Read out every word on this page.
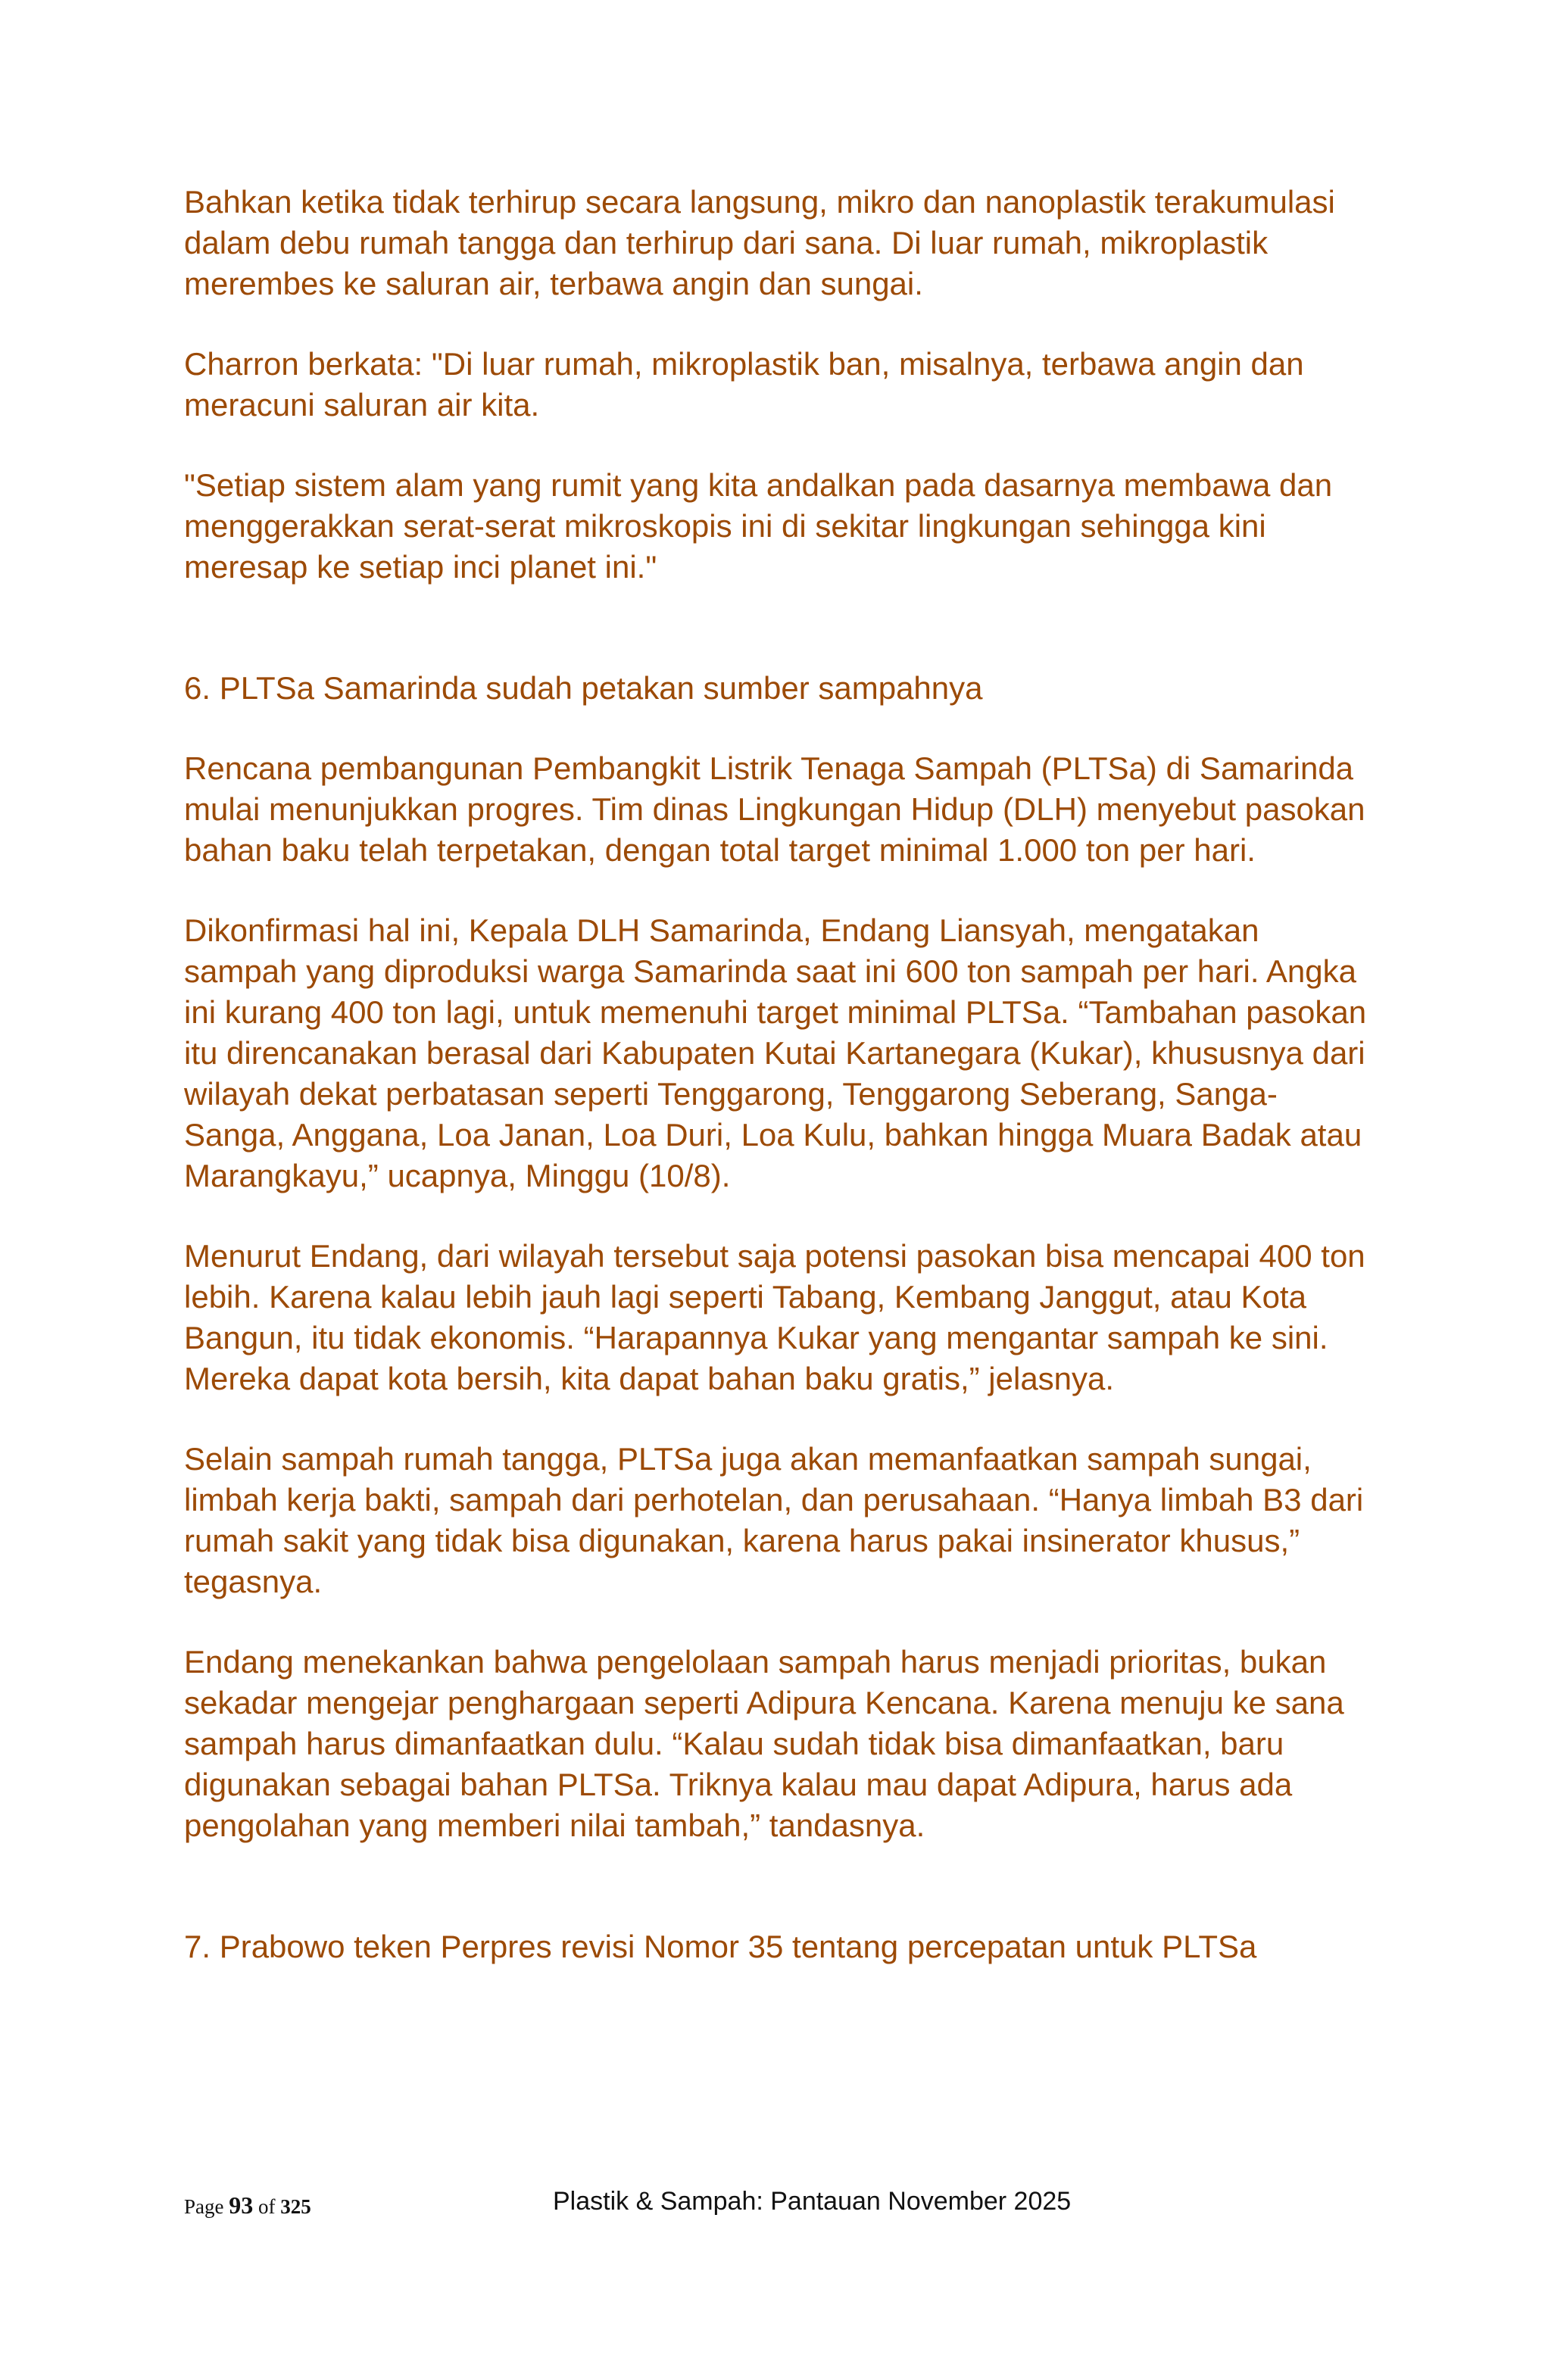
Bahkan ketika tidak terhirup secara langsung, mikro dan nanoplastik terakumulasi dalam debu rumah tangga dan terhirup dari sana. Di luar rumah, mikroplastik merembes ke saluran air, terbawa angin dan sungai.

Charron berkata: "Di luar rumah, mikroplastik ban, misalnya, terbawa angin dan meracuni saluran air kita.

"Setiap sistem alam yang rumit yang kita andalkan pada dasarnya membawa dan menggerakkan serat-serat mikroskopis ini di sekitar lingkungan sehingga kini meresap ke setiap inci planet ini."

6. PLTSa Samarinda sudah petakan sumber sampahnya

Rencana pembangunan Pembangkit Listrik Tenaga Sampah (PLTSa) di Samarinda mulai menunjukkan progres. Tim dinas Lingkungan Hidup (DLH) menyebut pasokan bahan baku telah terpetakan, dengan total target minimal 1.000 ton per hari.

Dikonfirmasi hal ini, Kepala DLH Samarinda, Endang Liansyah, mengatakan sampah yang diproduksi warga Samarinda saat ini 600 ton sampah per hari. Angka ini kurang 400 ton lagi, untuk memenuhi target minimal PLTSa. “Tambahan pasokan itu direncanakan berasal dari Kabupaten Kutai Kartanegara (Kukar), khususnya dari wilayah dekat perbatasan seperti Tenggarong, Tenggarong Seberang, Sanga-Sanga, Anggana, Loa Janan, Loa Duri, Loa Kulu, bahkan hingga Muara Badak atau Marangkayu,” ucapnya, Minggu (10/8).

Menurut Endang, dari wilayah tersebut saja potensi pasokan bisa mencapai 400 ton lebih. Karena kalau lebih jauh lagi seperti Tabang, Kembang Janggut, atau Kota Bangun, itu tidak ekonomis. “Harapannya Kukar yang mengantar sampah ke sini. Mereka dapat kota bersih, kita dapat bahan baku gratis,” jelasnya.

Selain sampah rumah tangga, PLTSa juga akan memanfaatkan sampah sungai, limbah kerja bakti, sampah dari perhotelan, dan perusahaan. “Hanya limbah B3 dari rumah sakit yang tidak bisa digunakan, karena harus pakai insinerator khusus,” tegasnya.

Endang menekankan bahwa pengelolaan sampah harus menjadi prioritas, bukan sekadar mengejar penghargaan seperti Adipura Kencana. Karena menuju ke sana sampah harus dimanfaatkan dulu. “Kalau sudah tidak bisa dimanfaatkan, baru digunakan sebagai bahan PLTSa. Triknya kalau mau dapat Adipura, harus ada pengolahan yang memberi nilai tambah,” tandasnya.

7. Prabowo teken Perpres revisi Nomor 35 tentang percepatan untuk PLTSa
Page 93 of 325	Plastik & Sampah: Pantauan November 2025
